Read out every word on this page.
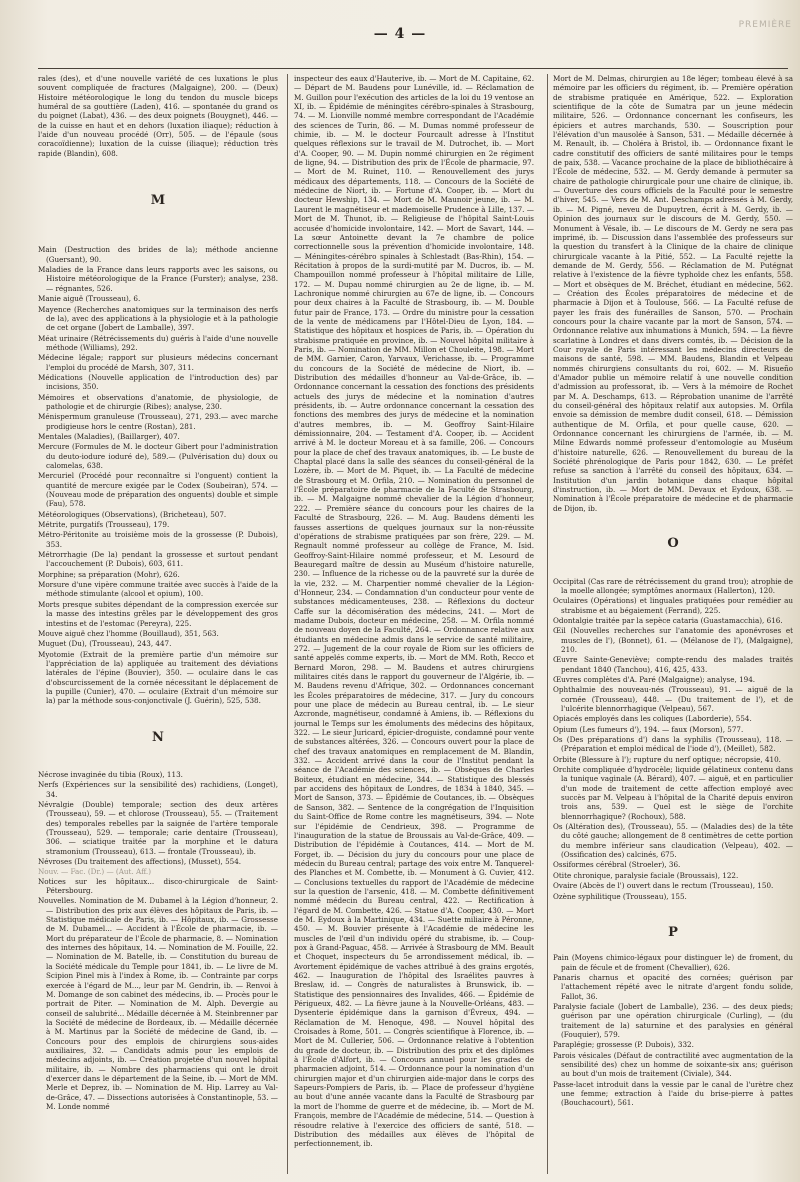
— 4 —
PREMIÈRE

rales (des), et d'une nouvelle variété de ces luxations le plus souvent compliquée de fractures (Malgaigne), 200. — (Deux) Histoire météorologique le long du tendon du muscle biceps huméral de sa gouttière (Laden), 416. — spontanée du grand os du poignet (Labat), 436. — des deux poignets (Bouygnet), 446. — de la cuisse en haut et en dehors (luxation iliaque); réduction à l'aide d'un nouveau procédé (Orr), 505. — de l'épaule (sous coracoïdienne); luxation de la cuisse (iliaque); réduction très rapide (Blandin), 608.

M

Main (Destruction des brides de la); méthode ancienne (Guersant), 90.

Maladies de la France dans leurs rapports avec les saisons, ou Histoire météorologique de la France (Furster); analyse, 238. — régnantes, 526.

Manie aiguë (Trousseau), 6.

Mayence (Recherches anatomiques sur la terminaison des nerfs de la), avec des applications à la physiologie et à la pathologie de cet organe (Jobert de Lamballe), 397.

Méat urinaire (Rétrécissements du) guéris à l'aide d'une nouvelle méthode (Williams), 292.

Médecine légale; rapport sur plusieurs médecins concernant l'emploi du procédé de Marsh, 307, 311.

Médications (Nouvelle application de l'introduction des) par incisions, 350.

Mémoires et observations d'anatomie, de physiologie, de pathologie et de chirurgie (Ribes); analyse, 230.

Ménispermum granuleuse (Trousseau), 271, 293.— avec marche prodigieuse hors le centre (Rostan), 281.

Mentales (Maladies), (Baillarger), 407.

Mercure (Formules de M. le docteur Gibert pour l'administration du deuto-iodure ioduré de), 589.— (Pulvérisation du) doux ou calomelas, 638.

Mercuriel (Procédé pour reconnaître si l'onguent) contient la quantité de mercure exigée par le Codex (Soubeiran), 574. — (Nouveau mode de préparation des onguents) double et simple (Fau), 578.

Météorologiques (Observations), (Bricheteau), 507.

Métrite, purgatifs (Trousseau), 179.

Métro-Péritonite au troisième mois de la grossesse (P. Dubois), 353.

Métrorrhagie (De la) pendant la grossesse et surtout pendant l'accouchement (P. Dubois), 603, 611.

Morphine; sa préparation (Mohr), 626.

Morsure d'une vipère commune traitée avec succès à l'aide de la méthode stimulante (alcool et opium), 100.

Morts presque subites dépendant de la compression exercée sur la masse des intestins grêles par le développement des gros intestins et de l'estomac (Pereyra), 225.

Mouve aiguë chez l'homme (Bouillaud), 351, 563.

Muguet (Du), (Trousseau), 243, 447.

Myotomie (Extrait de la première partie d'un mémoire sur l'appréciation de la) appliquée au traitement des déviations latérales de l'épine (Bouvier), 350. — oculaire dans le cas d'obscurcissement de la cornée nécessitant le déplacement de la pupille (Cunier), 470. — oculaire (Extrait d'un mémoire sur la) par la méthode sous-conjonctivale (J. Guérin), 525, 538.

N

Nécrose invaginée du tibia (Roux), 113.

Nerfs (Expériences sur la sensibilité des) rachidiens, (Longet), 34.

Névralgie (Double) temporale; section des deux artères (Trousseau), 59. — et chlorose (Trousseau), 55. — (Traitement des) temporales rebelles par la saignée de l'artère temporale (Trousseau), 529. — temporale; carie dentaire (Trousseau), 306. — sciatique traitée par la morphine et le datura stramonium (Trousseau), 613. — frontale (Trousseau), ib.

Névroses (Du traitement des affections), (Musset), 554.

Nouv. — Fac. (Dr.) — (Aut. Aff.)

Notices sur les hôpitaux... disco-chirurgicale de Saint-Pétersbourg.

Nouvelles. Nomination de M. Dubamel à la Légion d'honneur, 2. — Distribution des prix aux élèves des hôpitaux de Paris, ib. — Statistique médicale de Paris, ib. — Hôpitaux, ib. — Grossesse de M. Dubamel... — Accident à l'École de pharmacie, ib. — Mort du préparateur de l'École de pharmacie, 8. — Nomination des internes des hôpitaux, 14. — Nomination de M. Fouille, 22. — Nomination de M. Batelle, ib. — Constitution du bureau de la Société médicale du Temple pour 1841, ib. — Le livre de M. Scipion Pinel mis à l'index à Rome, ib. — Contrainte par corps exercée à l'égard de M..., leur par M. Gendrin, ib. — Renvoi à M. Domange de son cabinet des médecins, ib. — Procès pour le portrait de Piter. — Nomination de M. Alph. Devergie au conseil de salubrité... Médaille décernée à M. Steinbrenner par la Société de médecine de Bordeaux, ib. — Médaille décernée à M. Martinus par la Société de médecine de Gand, ib. — Concours pour des emplois de chirurgiens sous-aides auxiliaires, 32. — Candidats admis pour les emplois de médecins adjoints, ib. — Création projetée d'un nouvel hôpital militaire, ib. — Nombre des pharmaciens qui ont le droit d'exercer dans le département de la Seine, ib. — Mort de MM. Merle et Deprez, ib. — Nomination de M. Hip. Larrey au Val-de-Grâce, 47. — Dissections autorisées à Constantinople, 53. — M. Londe nommé

inspecteur des eaux d'Hauterive, ib. — Mort de M. Capitaine, 62. — Départ de M. Baudens pour Lunéville, id. — Réclamation de M. Guillon pour l'exécution des articles de la loi du 19 ventose an XI, ib. — Épidémie de méningites cérébro-spinales à Strasbourg, 74. — M. Lionville nommé membre correspondant de l'Académie des sciences de Turin, 86. — M. Dumas nommé professeur de chimie, ib. — M. le docteur Fourcault adresse à l'Institut quelques réflexions sur le travail de M. Dutrochet, ib. — Mort d'A. Cooper, 90. — M. Dupin nommé chirurgien en 2e régiment de ligne, 94. — Distribution des prix de l'École de pharmacie, 97. — Mort de M. Ruinet, 110. — Renouvellement des jurys médicaux des départements, 118. — Concours de la Société de médecine de Niort, ib. — Fortune d'A. Cooper, ib. — Mort du docteur Hewship, 134. — Mort de M. Maunoir jeune, ib. — M. Laurent le magnétiseur et mademoiselle Prudence à Lille, 137. — Mort de M. Thunot, ib. — Religieuse de l'hôpital Saint-Louis accusée d'homicide involontaire, 142. — Mort de Savart, 144. — La sœur Antoinette devant la 7e chambre de police correctionnelle sous la prévention d'homicide involontaire, 148. — Méningites-cérébro spinales à Schlestadt (Bas-Rhin), 154. — Récitation à propos de la surdi-mutité par M. Ducros, ib. — M. Champouillon nommé professeur à l'hôpital militaire de Lille, 172. — M. Dupau nommé chirurgien au 2e de ligne, ib. — M. Lachronique nommé chirurgien au 67e de ligne, ib. — Concours pour deux chaires à la Faculté de Strasbourg, ib. — M. Double futur pair de France, 173. — Ordre du ministre pour la cessation de la vente de médicamens par l'Hôtel-Dieu de Lyon, 184. — Statistique des hôpitaux et hospices de Paris, ib. — Opération du strabisme pratiquée en province, ib. — Nouvel hôpital militaire à Paris, ib. — Nomination de MM. Millon et Chouleite, 198. — Mort de MM. Garnier, Caron, Yarvaux, Verichasse, ib. — Programme du concours de la Société de médecine de Niort, ib. — Distribution des médailles d'honneur au Val-de-Grâce, ib. — Ordonnance concernant la cessation des fonctions des présidents actuels des jurys de médecine et la nomination d'autres présidents, ib. — Autre ordonnance concernant la cessation des fonctions des membres des jurys de médecine et la nomination d'autres membres, ib. — M. Geoffroy Saint-Hilaire démissionnaire, 204. — Testament d'A. Cooper, ib. — Accident arrivé à M. le docteur Moreau et à sa famille, 206. — Concours pour la place de chef des travaux anatomiques, ib. — Le buste de Chaptal placé dans la salle des séances du conseil-général de la Lozère, ib. — Mort de M. Piquet, ib. — La Faculté de médecine de Strasbourg et M. Orfila, 210. — Nomination du personnel de l'École préparatoire de pharmacie de la Faculté de Strasbourg, ib. — M. Malgaigne nommé chevalier de la Légion d'honneur, 222. — Première séance du concours pour les chaires de la Faculté de Strasbourg, 226. — M. Aug. Baudens démenti les fausses assertions de quelques journaux sur la non-réussite d'opérations de strabisme pratiquées par son frère, 229. — M. Regnault nommé professeur au collège de France, M. Isid. Geoffroy-Saint-Hilaire nommé professeur, et M. Lesourd de Beauregard maître de dessin au Muséum d'histoire naturelle, 230. — Influence de la richesse ou de la pauvreté sur la durée de la vie, 232. — M. Charpentier nommé chevalier de la Légion-d'Honneur, 234. — Condamnation d'un conducteur pour vente de substances médicamenteuses, 238. — Réflexions du docteur Caffe sur la décomisération des médecins, 241. — Mort de madame Dubois, docteur en médecine, 258. — M. Orfila nommé de nouveau doyen de la Faculté, 264. — Ordonnance relative aux étudiants en médecine admis dans le service de santé militaire, 272. — Jugement de la cour royale de Riom sur les officiers de santé appelés comme experts, ib. — Mort de MM. Roth, Recco et Bernard Moron, 298. — M. Baudens et autres chirurgiens militaires cités dans le rapport du gouverneur de l'Algérie, ib. — M. Baudens revenu d'Afrique, 302. — Ordonnances concernant les Écoles préparatoires de médecine, 317. — Jury du concours pour une place de médecin au Bureau central, ib. — Le sieur Azcronde, magnétiseur, condamné à Amiens, ib. — Réflexions du journal le Temps sur les émoluments des médecins des hôpitaux, 322. — Le sieur Juricard, épicier-droguiste, condamné pour vente de substances altérées, 326. — Concours ouvert pour la place de chef des travaux anatomiques en remplacement de M. Blandin, 332. — Accident arrivé dans la cour de l'Institut pendant la séance de l'Académie des sciences, ib. — Obsèques de Charles Boiteux, étudiant en médecine, 344. — Statistique des blessés par accidens des hôpitaux de Londres, de 1834 à 1840, 345. — Mort de Sanson, 373. — Épidémie de Coutances, ib. — Obsèques de Sanson, 382. — Sentence de la congrégation de l'Inquisition du Saint-Office de Rome contre les magnétiseurs, 394. — Note sur l'épidémie de Cendrieux, 398. — Programme de l'inauguration de la statue de Broussais au Val-de-Grâce, 409. — Distribution de l'épidémie à Coutances, 414. — Mort de M. Forget, ib. — Décision du jury du concours pour une place de médecin du Bureau central; partage des voix entre M. Tanquerel-des Planches et M. Combette, ib. — Monument à G. Cuvier, 412. — Conclusions textuelles du rapport de l'Académie de médecine sur la question de l'arsenic, 418. — M. Combette définitivement nommé médecin du Bureau central, 422. — Rectification à l'égard de M. Combette, 426. — Statue d'A. Cooper, 430. — Mort de M. Eydoux à la Martinique, 434. — Suette miliaire à Péronne, 450. — M. Bouvier présente à l'Académie de médecine les muscles de l'œil d'un individu opéré du strabisme, ib. — Coup-pox à Grand-Paguac, 458. — Arrivée à Strasbourg de MM. Beault et Choquet, inspecteurs du 5e arrondissement médical, ib. — Avortement épidémique de vaches attribué à des grains ergotés, 462. — Inauguration de l'hôpital des Israélites pauvres à Breslaw, id. — Congrès de naturalistes à Brunswick, ib. — Statistique des pensionnaires des Invalides, 466. — Épidémie de Périgueux, 482. — La fièvre jaune à la Nouvelle-Orléans, 483. — Dysenterie épidémique dans la garnison d'Évreux, 494. — Réclamation de M. Henoque, 498. — Nouvel hôpital des Croisades à Rome, 501. — Congrès scientifique à Florence, ib. — Mort de M. Cullerier, 506. — Ordonnance relative à l'obtention du grade de docteur, ib. — Distribution des prix et des diplômes à l'École d'Alfort, ib. — Concours annuel pour les grades de pharmacien adjoint, 514. — Ordonnance pour la nomination d'un chirurgien major et d'un chirurgien aide-major dans le corps des Sapeurs-Pompiers de Paris, ib. — Place de professeur d'hygiène au bout d'une année vacante dans la Faculté de Strasbourg par la mort de l'homme de guerre et de médecine, ib. — Mort de M. François, membre de l'Académie de médecine, 514. — Question à résoudre relative à l'exercice des officiers de santé, 518. — Distribution des médailles aux élèves de l'hôpital de perfectionnement, ib.

Mort de M. Delmas, chirurgien au 18e léger; tombeau élevé à sa mémoire par les officiers du régiment, ib. — Première opération de strabisme pratiquée en Amérique, 522. — Exploration scientifique de la côte de Sumatra par un jeune médecin militaire, 526. — Ordonnance concernant les confiseurs, les épiciers et autres marchands, 530. — Souscription pour l'élévation d'un mausolée à Sanson, 531. — Médaille décernée à M. Renault, ib. — Choléra à Bristol, ib. — Ordonnance fixant le cadre constitutif des officiers de santé militaires pour le temps de paix, 538. — Vacance prochaine de la place de bibliothécaire à l'École de médecine, 532. — M. Gerdy demande à permuter sa chaire de pathologie chirurgicale pour une chaire de clinique, ib. — Ouverture des cours officiels de la Faculté pour le semestre d'hiver, 545. — Vers de M. Ant. Deschamps adressés à M. Gerdy, ib. — M. Pigné, neveu de Dupuytren, écrit à M. Gerdy, ib. — Opinion des journaux sur le discours de M. Gerdy, 550. — Monument à Vésale, ib. — Le discours de M. Gerdy ne sera pas imprimé, ib. — Discussion dans l'assemblée des professeurs sur la question du transfert à la Clinique de la chaire de clinique chirurgicale vacante à la Pitié, 552. — La Faculté rejette la demande de M. Gerdy, 556. — Réclamation de M. Putégnat relative à l'existence de la fièvre typhoïde chez les enfants, 558. — Mort et obsèques de M. Bréchet, étudiant en médecine, 562. — Création des Écoles préparatoires de médecine et de pharmacie à Dijon et à Toulouse, 566. — La Faculté refuse de payer les frais des funérailles de Sanson, 570. — Prochain concours pour la chaire vacante par la mort de Sanson, 574. — Ordonnance relative aux inhumations à Munich, 594. — La fièvre scarlatine à Londres et dans divers comtés, ib. — Décision de la Cour royale de Paris intéressant les médecins directeurs de maisons de santé, 598. — MM. Baudens, Blandin et Velpeau nommés chirurgiens consultants du roi, 602. — M. Risueño d'Amador publie un mémoire relatif à une nouvelle condition d'admission au professorat, ib. — Vers à la mémoire de Rochet par M. A. Deschamps, 613. — Réprobation unanime de l'arrêté du conseil-général des hôpitaux relatif aux autopsies. M. Orfila envoie sa démission de membre dudit conseil, 618. — Démission authentique de M. Orfila, et pour quelle cause, 620. — Ordonnance concernant les chirurgiens de l'armée, ib. — M. Milne Edwards nommé professeur d'entomologie au Muséum d'histoire naturelle, 626. — Renouvellement du bureau de la Société phrénologique de Paris pour 1842, 630. — Le préfet refuse sa sanction à l'arrêté du conseil des hôpitaux, 634. — Institution d'un jardin botanique dans chaque hôpital d'instruction, ib. — Mort de MM. Devaux et Eydoux, 638. — Nomination à l'École préparatoire de médecine et de pharmacie de Dijon, ib.

O

Occipital (Cas rare de rétrécissement du grand trou); atrophie de la moelle allongée; symptômes anormaux (Hallerton), 120.

Oculaires (Opérations) et linguales pratiquées pour remédier au strabisme et au bégaiement (Ferrand), 225.

Odontalgie traitée par la sepèce cataria (Guastamacchia), 616.

Œil (Nouvelles recherches sur l'anatomie des aponévroses et muscles de l'), (Bonnet), 61. — (Mélanose de l'), (Malgaigne), 210.

Œuvre Sainte-Geneviève; compte-rendu des malades traités pendant 1840 (Tanchou), 416, 425, 433.

Œuvres complètes d'A. Paré (Malgaigne); analyse, 194.

Ophthalmie des nouveau-nés (Trousseau), 91. — aiguë de la cornée (Trousseau), 448. — (Du traitement de l'), et de l'ulcérite blennorrhagique (Velpeau), 567.

Opiacés employés dans les coliques (Laborderie), 554.

Opium (Les fumeurs d'), 194. — faux (Morson), 577.

Os (Des préparations d') dans la syphilis (Trousseau), 118. — (Préparation et emploi médical de l'iode d'), (Meillet), 582.

Orbite (Blessure à l'); rupture du nerf optique; nécropsie, 410.

Orchite compliquée d'hydrocèle; liquide gélatineux contenu dans la tunique vaginale (A. Bérard), 407. — aiguë, et en particulier d'un mode de traitement de cette affection employé avec succès par M. Velpeau à l'hôpital de la Charité depuis environ trois ans, 539. — Quel est le siège de l'orchite blennorrhagique? (Rochoux), 588.

Os (Altération des), (Trousseau), 55. — (Maladies des) de la tête du côté gauche; allongement de 8 centimètres de cette portion du membre inférieur sans claudication (Velpeau), 402. — (Ossification des) calcinés, 675.

Ossiformes cérébral (Stroeler), 36.

Otite chronique, paralysie faciale (Broussais), 122.

Ovaire (Abcès de l') ouvert dans le rectum (Trousseau), 150.

Ozène syphilitique (Trousseau), 155.

P

Pain (Moyens chimico-légaux pour distinguer le) de froment, du pain de fécule et de froment (Chevallier), 626.

Panaris charnus et opacité des cornées; guérison par l'attachement répété avec le nitrate d'argent fondu solide, Fallot, 36.

Paralysie faciale (Jobert de Lamballe), 236. — des deux pieds; guérison par une opération chirurgicale (Curling), — (du traitement de la) saturnine et des paralysies en général (Fouquier), 579.

Paraplégie; grossesse (P. Dubois), 332.

Parois vésicales (Défaut de contractilité avec augmentation de la sensibilité des) chez un homme de soixante-six ans; guérison au bout d'un mois de traitement (Civiale), 344.

Passe-lacet introduit dans la vessie par le canal de l'urètre chez une femme; extraction à l'aide du brise-pierre à pattes (Bouchacourt), 561.
